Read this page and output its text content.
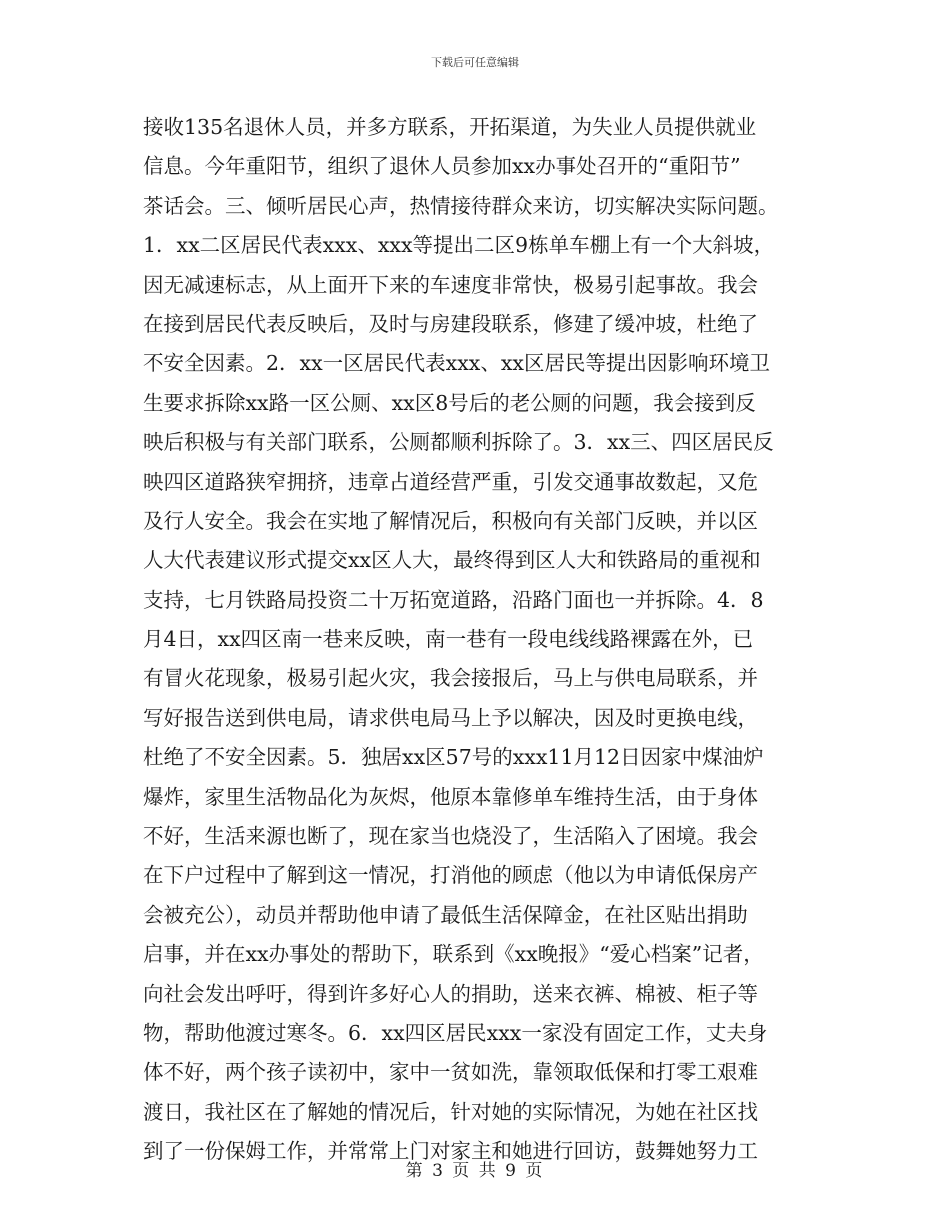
下载后可任意编辑
接收135名退休人员，并多方联系，开拓渠道，为失业人员提供就业
信息。今年重阳节，组织了退休人员参加xx办事处召开的“重阳节”
茶话会。三、倾听居民心声，热情接待群众来访，切实解决实际问题。
1．xx二区居民代表xxx、xxx等提出二区9栋单车棚上有一个大斜坡，
因无减速标志，从上面开下来的车速度非常快，极易引起事故。我会
在接到居民代表反映后，及时与房建段联系，修建了缓冲坡，杜绝了
不安全因素。2．xx一区居民代表xxx、xx区居民等提出因影响环境卫
生要求拆除xx路一区公厕、xx区8号后的老公厕的问题，我会接到反
映后积极与有关部门联系，公厕都顺利拆除了。3．xx三、四区居民反
映四区道路狭窄拥挤，违章占道经营严重，引发交通事故数起，又危
及行人安全。我会在实地了解情况后，积极向有关部门反映，并以区
人大代表建议形式提交xx区人大，最终得到区人大和铁路局的重视和
支持，七月铁路局投资二十万拓宽道路，沿路门面也一并拆除。4．8
月4日，xx四区南一巷来反映，南一巷有一段电线线路裸露在外，已
有冒火花现象，极易引起火灾，我会接报后，马上与供电局联系，并
写好报告送到供电局，请求供电局马上予以解决，因及时更换电线，
杜绝了不安全因素。5．独居xx区57号的xxx11月12日因家中煤油炉
爆炸，家里生活物品化为灰烬，他原本靠修单车维持生活，由于身体
不好，生活来源也断了，现在家当也烧没了，生活陷入了困境。我会
在下户过程中了解到这一情况，打消他的顾虑（他以为申请低保房产
会被充公），动员并帮助他申请了最低生活保障金，在社区贴出捐助
启事，并在xx办事处的帮助下，联系到《xx晚报》“爱心档案”记者，
向社会发出呼吁，得到许多好心人的捐助，送来衣裤、棉被、柜子等
物，帮助他渡过寒冬。6．xx四区居民xxx一家没有固定工作，丈夫身
体不好，两个孩子读初中，家中一贫如洗，靠领取低保和打零工艰难
渡日，我社区在了解她的情况后，针对她的实际情况，为她在社区找
到了一份保姆工作，并常常上门对家主和她进行回访，鼓舞她努力工
第 3 页 共 9 页
